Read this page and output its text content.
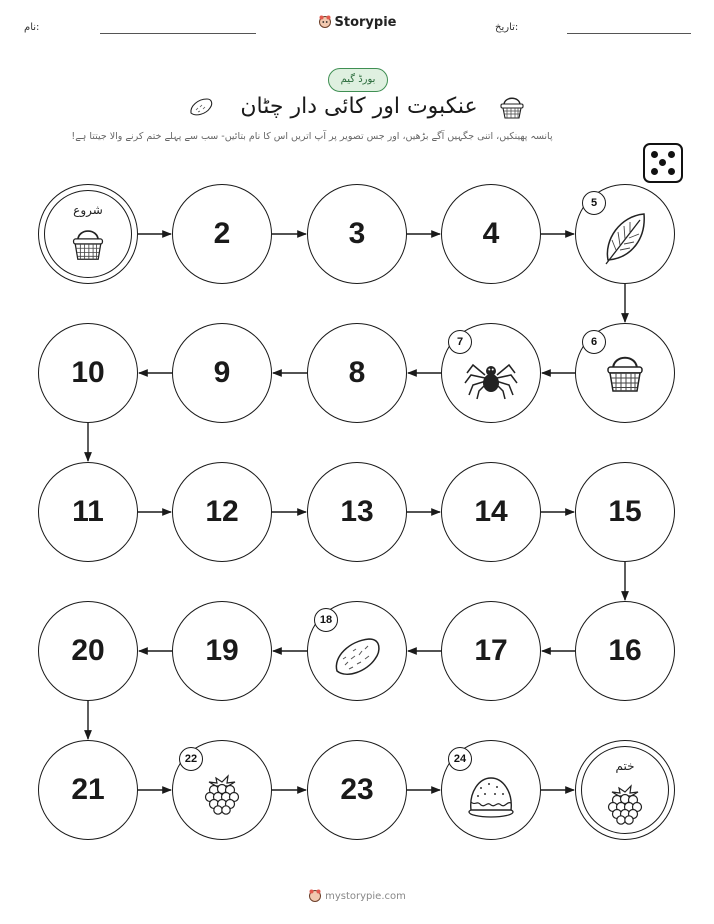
نام:	تاریخ:
Storypie
بورڈ گیم
عنکبوت اور کائی دار چٹان
پانسہ پھینکیں، اتنی جگہیں آگے بڑھیں، اور جس تصویر پر آپ اتریں اس کا نام بتائیں- سب سے پہلے ختم کرنے والا جیتتا ہے!
شروع
2	3	4
5
6
7
8
9
10
11	12	13	14	15
16
17
18
19
20
21
22
23
24	ختم
mystorypie.com
